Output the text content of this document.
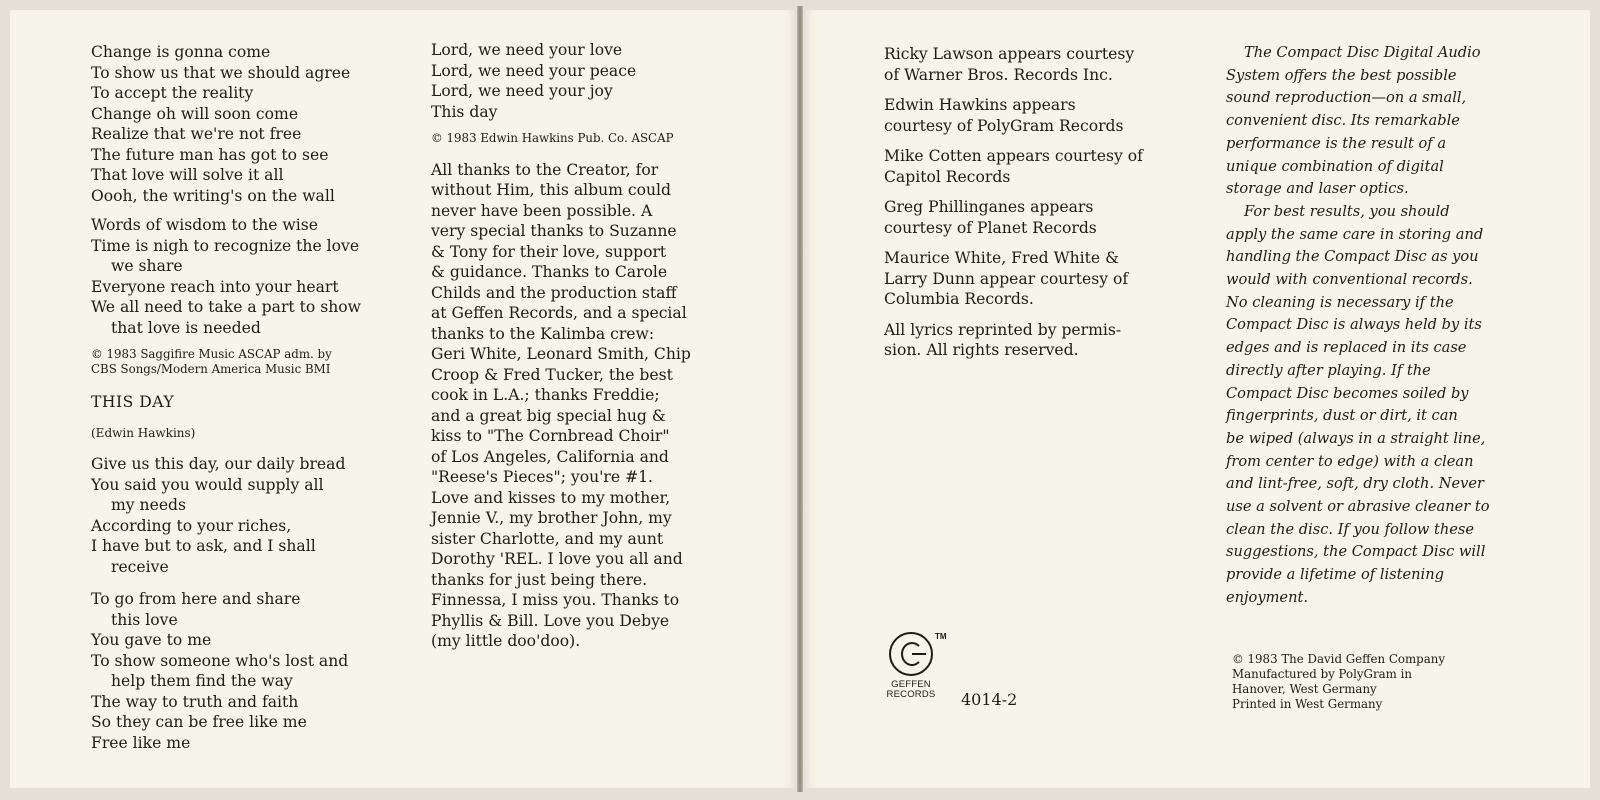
Change is gonna come
To show us that we should agree
To accept the reality
Change oh will soon come
Realize that we're not free
The future man has got to see
That love will solve it all
Oooh, the writing's on the wall
Words of wisdom to the wise
Time is nigh to recognize the love we share
Everyone reach into your heart
We all need to take a part to show that love is needed
© 1983 Saggifire Music ASCAP adm. by
CBS Songs/Modern America Music BMI
THIS DAY
(Edwin Hawkins)
Give us this day, our daily bread
You said you would supply all my needs
According to your riches,
I have but to ask, and I shall receive
To go from here and share this love
You gave to me
To show someone who's lost and help them find the way
The way to truth and faith
So they can be free like me
Free like me
Lord, we need your love
Lord, we need your peace
Lord, we need your joy
This day
© 1983 Edwin Hawkins Pub. Co. ASCAP
All thanks to the Creator, for
without Him, this album could
never have been possible. A
very special thanks to Suzanne
& Tony for their love, support
& guidance. Thanks to Carole
Childs and the production staff
at Geffen Records, and a special
thanks to the Kalimba crew:
Geri White, Leonard Smith, Chip
Croop & Fred Tucker, the best
cook in L.A.; thanks Freddie;
and a great big special hug &
kiss to "The Cornbread Choir"
of Los Angeles, California and
"Reese's Pieces"; you're #1.
Love and kisses to my mother,
Jennie V., my brother John, my
sister Charlotte, and my aunt
Dorothy 'REL. I love you all and
thanks for just being there.
Finnessa, I miss you. Thanks to
Phyllis & Bill. Love you Debye
(my little doo'doo).
Ricky Lawson appears courtesy
of Warner Bros. Records Inc.
Edwin Hawkins appears
courtesy of PolyGram Records
Mike Cotten appears courtesy of
Capitol Records
Greg Phillinganes appears
courtesy of Planet Records
Maurice White, Fred White &
Larry Dunn appear courtesy of
Columbia Records.
All lyrics reprinted by permis-
sion. All rights reserved.
The Compact Disc Digital Audio
System offers the best possible
sound reproduction—on a small,
convenient disc. Its remarkable
performance is the result of a
unique combination of digital
storage and laser optics.
For best results, you should
apply the same care in storing and
handling the Compact Disc as you
would with conventional records.
No cleaning is necessary if the
Compact Disc is always held by its
edges and is replaced in its case
directly after playing. If the
Compact Disc becomes soiled by
fingerprints, dust or dirt, it can
be wiped (always in a straight line,
from center to edge) with a clean
and lint-free, soft, dry cloth. Never
use a solvent or abrasive cleaner to
clean the disc. If you follow these
suggestions, the Compact Disc will
provide a lifetime of listening
enjoyment.
GEFFEN
RECORDS
TM
4014-2
© 1983 The David Geffen Company
Manufactured by PolyGram in
Hanover, West Germany
Printed in West Germany
